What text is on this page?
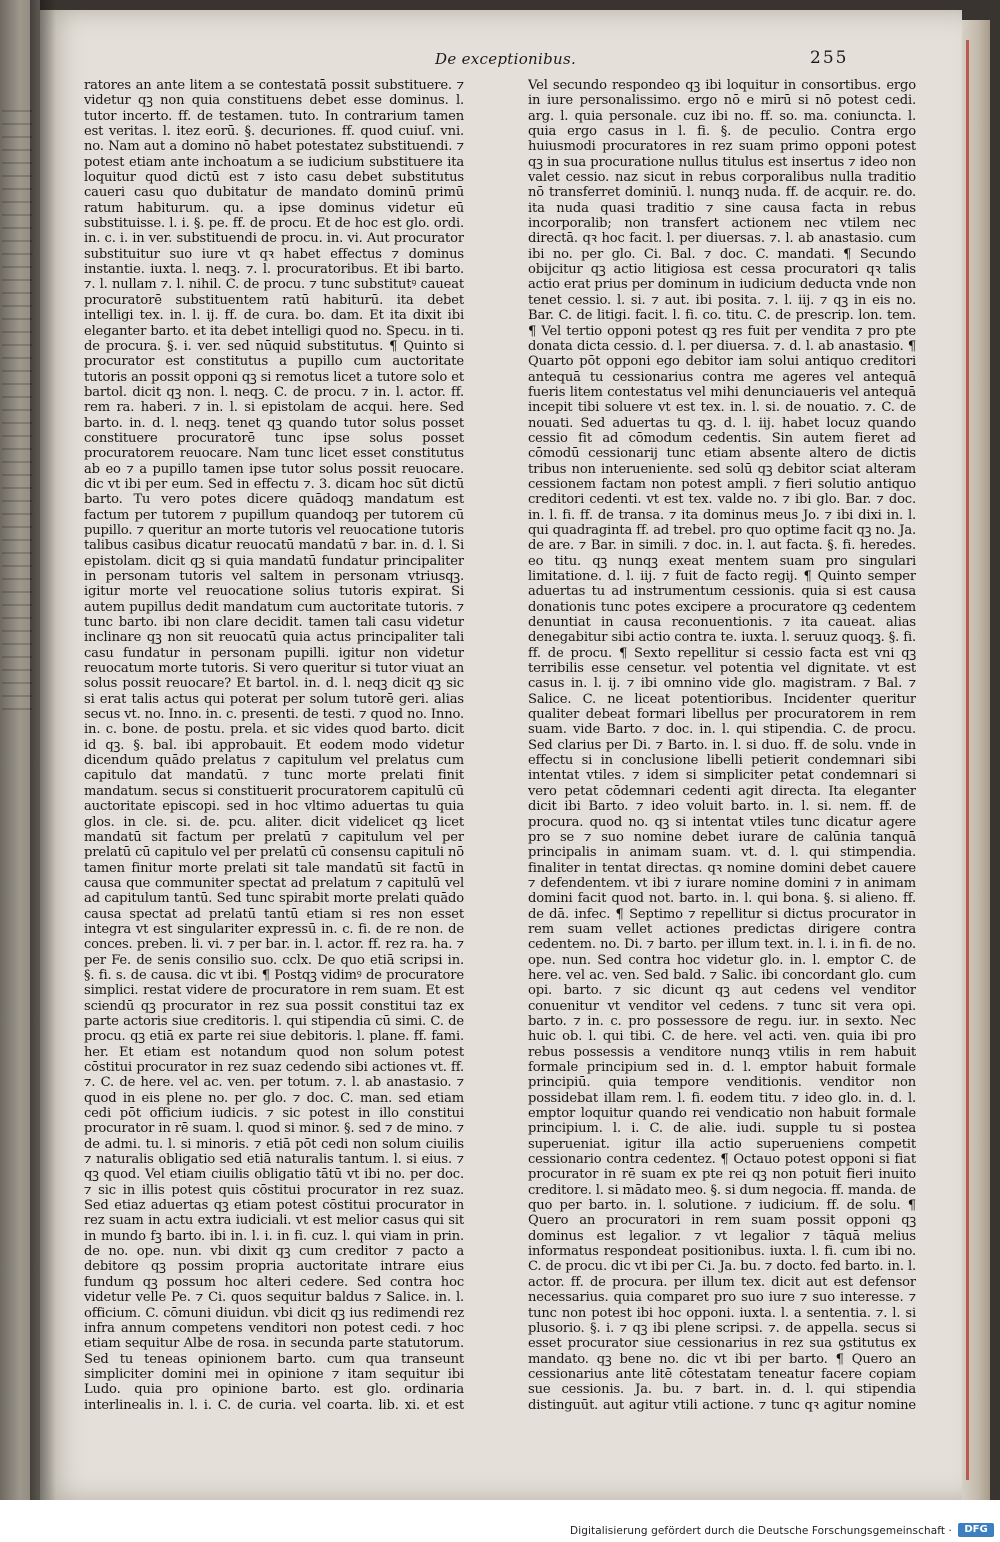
De exceptionibus.	255
ratores an ante litem a se contestatā possit substituere. ⁊ videtur qꝫ non quia constituens debet esse dominus. l. tutor incerto. ff. de testamen. tuto. In contrarium tamen est veritas. l. itez eorū. §. decuriones. ff. quod cuiuſ. vni. no. Nam aut a domino nō habet potestatez substituendi. ⁊ potest etiam ante inchoatum a se iudicium substituere ita loquitur quod dictū est ⁊ isto casu debet substitutus caueri casu quo dubitatur de mandato dominū primū ratum habiturum. qu. a ipse dominus videtur eū substituisse. l. i. §. pe. ff. de procu. Et de hoc est glo. ordi. in. c. i. in ver. substituendi de procu. in. vi. Aut procurator substituitur suo iure vt qꝛ habet effectus ⁊ dominus instantie. iuxta. l. neqꝫ. ⁊. l. procuratoribus. Et ibi barto. ⁊. l. nullam ⁊. l. nihil. C. de procu. ⁊ tunc substitutꝰ caueat procuratorē substituentem ratū habiturū. ita debet intelligi tex. in. l. ij. ff. de cura. bo. dam. Et ita dixit ibi eleganter barto. et ita debet intelligi quod no. Specu. in ti. de procura. §. i. ver. sed nūquid substitutus. ¶ Quinto si procurator est constitutus a pupillo cum auctoritate tutoris an possit opponi qꝫ si remotus licet a tutore solo et bartol. dicit qꝫ non. l. neqꝫ. C. de procu. ⁊ in. l. actor. ff. rem ra. haberi. ⁊ in. l. si epistolam de acqui. here. Sed barto. in. d. l. neqꝫ. tenet qꝫ quando tutor solus posset constituere procuratorē tunc ipse solus posset procuratorem reuocare. Nam tunc licet esset constitutus ab eo ⁊ a pupillo tamen ipse tutor solus possit reuocare. dic vt ibi per eum. Sed in effectu ⁊. 3. dicam hoc sūt dictū barto. Tu vero potes dicere quādoqꝫ mandatum est factum per tutorem ⁊ pupillum quandoqꝫ per tutorem cū pupillo. ⁊ queritur an morte tutoris vel reuocatione tutoris talibus casibus dicatur reuocatū mandatū ⁊ bar. in. d. l. Si epistolam. dicit qꝫ si quia mandatū fundatur principaliter in personam tutoris vel saltem in personam vtriusqꝫ. igitur morte vel reuocatione solius tutoris expirat. Si autem pupillus dedit mandatum cum auctoritate tutoris. ⁊ tunc barto. ibi non clare decidit. tamen tali casu videtur inclinare qꝫ non sit reuocatū quia actus principaliter tali casu fundatur in personam pupilli. igitur non videtur reuocatum morte tutoris. Si vero queritur si tutor viuat an solus possit reuocare? Et bartol. in. d. l. neqꝫ dicit qꝫ sic si erat talis actus qui poterat per solum tutorē geri. alias secus vt. no. Inno. in. c. presenti. de testi. ⁊ quod no. Inno. in. c. bone. de postu. prela. et sic vides quod barto. dicit id qꝫ. §. bal. ibi approbauit. Et eodem modo videtur dicendum quādo prelatus ⁊ capitulum vel prelatus cum capitulo dat mandatū. ⁊ tunc morte prelati finit mandatum. secus si constituerit procuratorem capitulū cū auctoritate episcopi. sed in hoc vltimo aduertas tu quia glos. in cle. si. de. pcu. aliter. dicit videlicet qꝫ licet mandatū sit factum per prelatū ⁊ capitulum vel per prelatū cū capitulo vel per prelatū cū consensu capituli nō tamen finitur morte prelati sit tale mandatū sit factū in causa que communiter spectat ad prelatum ⁊ capitulū vel ad capitulum tantū. Sed tunc spirabit morte prelati quādo causa spectat ad prelatū tantū etiam si res non esset integra vt est singulariter expressū in. c. fi. de re non. de conces. preben. li. vi. ⁊ per bar. in. l. actor. ff. rez ra. ha. ⁊ per Fe. de senis consilio suo. cclx. De quo etiā scripsi in. §. fi. s. de causa. dic vt ibi. ¶ Postqꝫ vidimꝰ de procuratore simplici. restat videre de procuratore in rem suam. Et est sciendū qꝫ procurator in rez sua possit constitui taz ex parte actoris siue creditoris. l. qui stipendia cū simi. C. de procu. qꝫ etiā ex parte rei siue debitoris. l. plane. ff. fami. her. Et etiam est notandum quod non solum potest cōstitui procurator in rez suaz cedendo sibi actiones vt. ff. ⁊. C. de here. vel ac. ven. per totum. ⁊. l. ab anastasio. ⁊ quod in eis plene no. per glo. ⁊ doc. C. man. sed etiam cedi pōt officium iudicis. ⁊ sic potest in illo constitui procurator in rē suam. l. quod si minor. §. sed ⁊ de mino. ⁊ de admi. tu. l. si minoris. ⁊ etiā pōt cedi non solum ciuilis ⁊ naturalis obligatio sed etiā naturalis tantum. l. si eius. ⁊ qꝫ quod. Vel etiam ciuilis obligatio tātū vt ibi no. per doc. ⁊ sic in illis potest quis cōstitui procurator in rez suaz. Sed etiaz aduertas qꝫ etiam potest cōstitui procurator in rez suam in actu extra iudiciali. vt est melior casus qui sit in mundo fꝫ barto. ibi in. l. i. in fi. cuz. l. qui viam in prin. de no. ope. nun. vbi dixit qꝫ cum creditor ⁊ pacto a debitore qꝫ possim propria auctoritate intrare eius fundum qꝫ possum hoc alteri cedere. Sed contra hoc videtur velle Pe. ⁊ Ci. quos sequitur baldus ⁊ Salice. in. l. officium. C. cōmuni diuidun. vbi dicit qꝫ ius redimendi rez infra annum competens venditori non potest cedi. ⁊ hoc etiam sequitur Albe de rosa. in secunda parte statutorum. Sed tu teneas opinionem barto. cum qua transeunt simpliciter domini mei in opinione ⁊ itam sequitur ibi Ludo. quia pro opinione barto. est glo. ordinaria interlinealis in. l. i. C. de curia. vel coarta. lib. xi. et est
Vel secundo respondeo qꝫ ibi loquitur in consortibus. ergo in iure personalissimo. ergo nō e mirū si nō potest cedi. arg. l. quia personale. cuz ibi no. ff. so. ma. coniuncta. l. quia ergo casus in l. fi. §. de peculio. Contra ergo huiusmodi procuratores in rez suam primo opponi potest qꝫ in sua procuratione nullus titulus est insertus ⁊ ideo non valet cessio. naz sicut in rebus corporalibus nulla traditio nō transferret dominiū. l. nunqꝫ nuda. ff. de acquir. re. do. ita nuda quasi traditio ⁊ sine causa facta in rebus incorporalib; non transfert actionem nec vtilem nec directā. qꝛ hoc facit. l. per diuersas. ⁊. l. ab anastasio. cum ibi no. per glo. Ci. Bal. ⁊ doc. C. mandati. ¶ Secundo obijcitur qꝫ actio litigiosa est cessa procuratori qꝛ talis actio erat prius per dominum in iudicium deducta vnde non tenet cessio. l. si. ⁊ aut. ibi posita. ⁊. l. iij. ⁊ qꝫ in eis no. Bar. C. de litigi. facit. l. fi. co. titu. C. de prescrip. lon. tem. ¶ Vel tertio opponi potest qꝫ res fuit per vendita ⁊ pro pte donata dicta cessio. d. l. per diuersa. ⁊. d. l. ab anastasio. ¶ Quarto pōt opponi ego debitor iam solui antiquo creditori antequā tu cessionarius contra me ageres vel antequā fueris litem contestatus vel mihi denunciaueris vel antequā incepit tibi soluere vt est tex. in. l. si. de nouatio. ⁊. C. de nouati. Sed aduertas tu qꝫ. d. l. iij. habet locuz quando cessio fit ad cōmodum cedentis. Sin autem fieret ad cōmodū cessionarij tunc etiam absente altero de dictis tribus non interueniente. sed solū qꝫ debitor sciat alteram cessionem factam non potest ampli. ⁊ fieri solutio antiquo creditori cedenti. vt est tex. valde no. ⁊ ibi glo. Bar. ⁊ doc. in. l. fi. ff. de transa. ⁊ ita dominus meus Jo. ⁊ ibi dixi in. l. qui quadraginta ff. ad trebel. pro quo optime facit qꝫ no. Ja. de are. ⁊ Bar. in simili. ⁊ doc. in. l. aut facta. §. fi. heredes. eo titu. qꝫ nunqꝫ exeat mentem suam pro singulari limitatione. d. l. iij. ⁊ fuit de facto regij. ¶ Quinto semper aduertas tu ad instrumentum cessionis. quia si est causa donationis tunc potes excipere a procuratore qꝫ cedentem denuntiat in causa reconuentionis. ⁊ ita caueat. alias denegabitur sibi actio contra te. iuxta. l. seruuz quoqꝫ. §. fi. ff. de procu. ¶ Sexto repellitur si cessio facta est vni qꝫ terribilis esse censetur. vel potentia vel dignitate. vt est casus in. l. ij. ⁊ ibi omnino vide glo. magistram. ⁊ Bal. ⁊ Salice. C. ne liceat potentioribus. Incidenter queritur qualiter debeat formari libellus per procuratorem in rem suam. vide Barto. ⁊ doc. in. l. qui stipendia. C. de procu. Sed clarius per Di. ⁊ Barto. in. l. si duo. ff. de solu. vnde in effectu si in conclusione libelli petierit condemnari sibi intentat vtiles. ⁊ idem si simpliciter petat condemnari si vero petat cōdemnari cedenti agit directa. Ita eleganter dicit ibi Barto. ⁊ ideo voluit barto. in. l. si. nem. ff. de procura. quod no. qꝫ si intentat vtiles tunc dicatur agere pro se ⁊ suo nomine debet iurare de calūnia tanquā principalis in animam suam. vt. d. l. qui stimpendia. finaliter in tentat directas. qꝛ nomine domini debet cauere ⁊ defendentem. vt ibi ⁊ iurare nomine domini ⁊ in animam domini facit quod not. barto. in. l. qui bona. §. si alieno. ff. de dā. infec. ¶ Septimo ⁊ repellitur si dictus procurator in rem suam vellet actiones predictas dirigere contra cedentem. no. Di. ⁊ barto. per illum text. in. l. i. in fi. de no. ope. nun. Sed contra hoc videtur glo. in. l. emptor C. de here. vel ac. ven. Sed bald. ⁊ Salic. ibi concordant glo. cum opi. barto. ⁊ sic dicunt qꝫ aut cedens vel venditor conuenitur vt venditor vel cedens. ⁊ tunc sit vera opi. barto. ⁊ in. c. pro possessore de regu. iur. in sexto. Nec huic ob. l. qui tibi. C. de here. vel acti. ven. quia ibi pro rebus possessis a venditore nunqꝫ vtilis in rem habuit formale principium sed in. d. l. emptor habuit formale principiū. quia tempore venditionis. venditor non possidebat illam rem. l. fi. eodem titu. ⁊ ideo glo. in. d. l. emptor loquitur quando rei vendicatio non habuit formale principium. l. i. C. de alie. iudi. supple tu si postea superueniat. igitur illa actio superueniens competit cessionario contra cedentez. ¶ Octauo potest opponi si fiat procurator in rē suam ex pte rei qꝫ non potuit fieri inuito creditore. l. si mādato meo. §. si dum negocia. ff. manda. de quo per barto. in. l. solutione. ⁊ iudicium. ff. de solu. ¶ Quero an procuratori in rem suam possit opponi qꝫ dominus est legalior. ⁊ vt legalior ⁊ tāquā melius informatus respondeat positionibus. iuxta. l. fi. cum ibi no. C. de procu. dic vt ibi per Ci. Ja. bu. ⁊ docto. fed barto. in. l. actor. ff. de procura. per illum tex. dicit aut est defensor necessarius. quia comparet pro suo iure ⁊ suo interesse. ⁊ tunc non potest ibi hoc opponi. iuxta. l. a sententia. ⁊. l. si plusorio. §. i. ⁊ qꝫ ibi plene scripsi. ⁊. de appella. secus si esset procurator siue cessionarius in rez sua ꝯstitutus ex mandato. qꝫ bene no. dic vt ibi per barto. ¶ Quero an cessionarius ante litē cōtestatam teneatur facere copiam sue cessionis. Ja. bu. ⁊ bart. in. d. l. qui stipendia distinguūt. aut agitur vtili actione. ⁊ tunc qꝛ agitur nomine
Digitalisierung gefördert durch die Deutsche Forschungsgemeinschaft ·	DFG
